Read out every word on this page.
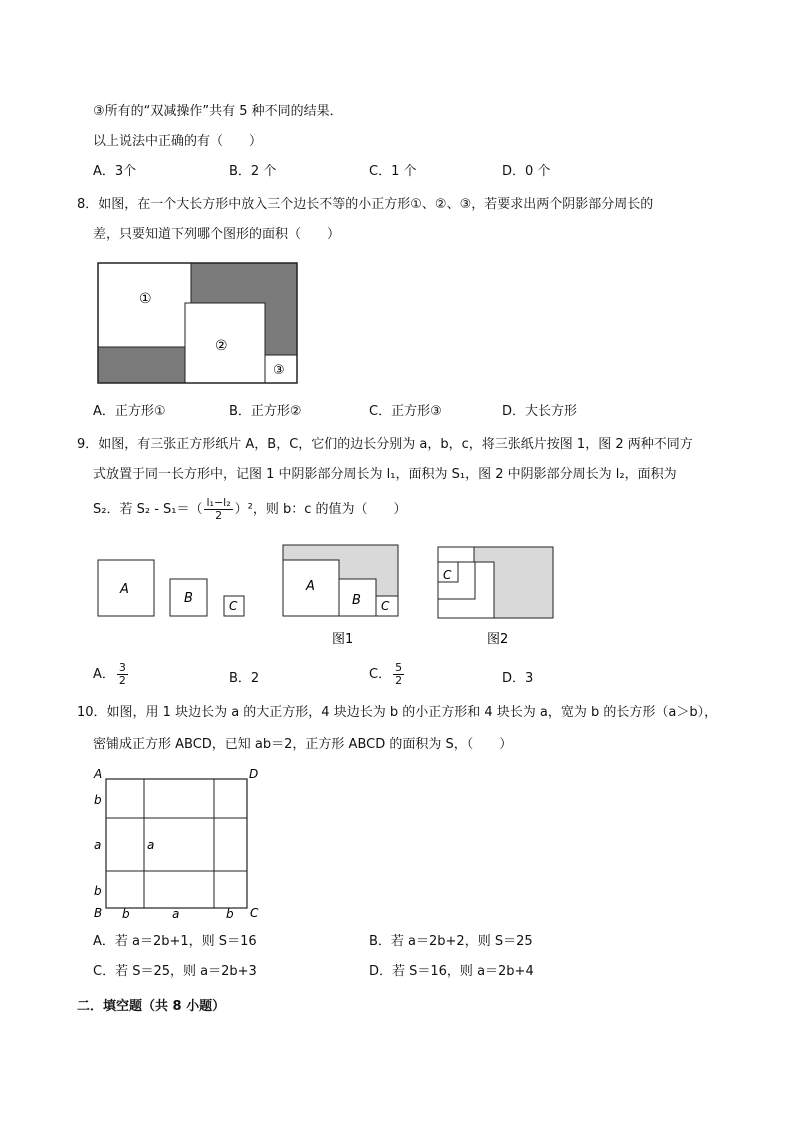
③所有的“双减操作”共有 5 种不同的结果．
以上说法中正确的有（　　）
A．3个	B．2 个	C．1 个	D．0 个
8．如图，在一个大长方形中放入三个边长不等的小正方形①、②、③，若要求出两个阴影部分周长的
差，只要知道下列哪个图形的面积（　　）
①
②
③
A．正方形①	B．正方形②	C．正方形③	D．大长方形
9．如图，有三张正方形纸片 A，B，C，它们的边长分别为 a，b，c，将三张纸片按图 1，图 2 两种不同方
式放置于同一长方形中，记图 1 中阴影部分周长为 l₁，面积为 S₁，图 2 中阴影部分周长为 l₂，面积为
S₂．若 $S_2 - S_1=( \frac{\text{l₁−l₂}}{2} )^2$，则 b：c 的值为（　　）
A
B	C
A
B C
图1
C
图2
A． $\frac{3}{2}$	B．2	C． $\frac{5}{2}$	D．3
10．如图，用 1 块边长为 a 的大正方形，4 块边长为 b 的小正方形和 4 块长为 a，宽为 b 的长方形（a＞b），
密铺成正方形 ABCD，已知 ab＝2，正方形 ABCD 的面积为 S，（　　）
A	D
B	C
b
a
b
a
b	a	b
A．若 a＝2b+1，则 S＝16	B．若 a＝2b+2，则 S＝25
C．若 S＝25，则 a＝2b+3	D．若 S＝16，则 a＝2b+4
二．填空题（共 8 小题）
